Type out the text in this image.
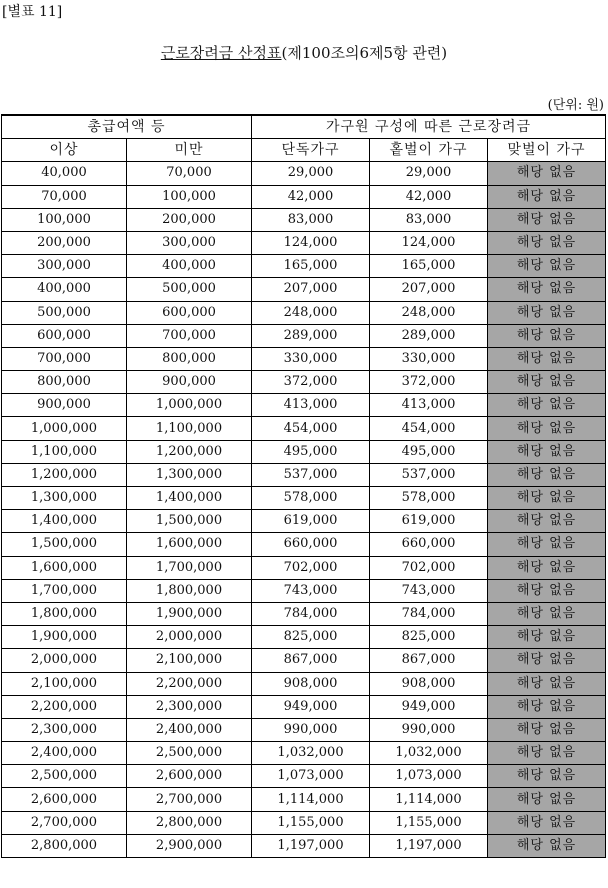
[별표 11]
근로장려금 산정표(제100조의6제5항 관련)
(단위: 원)
총급여액 등		가구원 구성에 따른 근로장려금		
이상	미만	단독가구	홑벌이 가구	맞벌이 가구
40,000	70,000	29,000	29,000	해당 없음
70,000	100,000	42,000	42,000	해당 없음
100,000	200,000	83,000	83,000	해당 없음
200,000	300,000	124,000	124,000	해당 없음
300,000	400,000	165,000	165,000	해당 없음
400,000	500,000	207,000	207,000	해당 없음
500,000	600,000	248,000	248,000	해당 없음
600,000	700,000	289,000	289,000	해당 없음
700,000	800,000	330,000	330,000	해당 없음
800,000	900,000	372,000	372,000	해당 없음
900,000	1,000,000	413,000	413,000	해당 없음
1,000,000	1,100,000	454,000	454,000	해당 없음
1,100,000	1,200,000	495,000	495,000	해당 없음
1,200,000	1,300,000	537,000	537,000	해당 없음
1,300,000	1,400,000	578,000	578,000	해당 없음
1,400,000	1,500,000	619,000	619,000	해당 없음
1,500,000	1,600,000	660,000	660,000	해당 없음
1,600,000	1,700,000	702,000	702,000	해당 없음
1,700,000	1,800,000	743,000	743,000	해당 없음
1,800,000	1,900,000	784,000	784,000	해당 없음
1,900,000	2,000,000	825,000	825,000	해당 없음
2,000,000	2,100,000	867,000	867,000	해당 없음
2,100,000	2,200,000	908,000	908,000	해당 없음
2,200,000	2,300,000	949,000	949,000	해당 없음
2,300,000	2,400,000	990,000	990,000	해당 없음
2,400,000	2,500,000	1,032,000	1,032,000	해당 없음
2,500,000	2,600,000	1,073,000	1,073,000	해당 없음
2,600,000	2,700,000	1,114,000	1,114,000	해당 없음
2,700,000	2,800,000	1,155,000	1,155,000	해당 없음
2,800,000	2,900,000	1,197,000	1,197,000	해당 없음
